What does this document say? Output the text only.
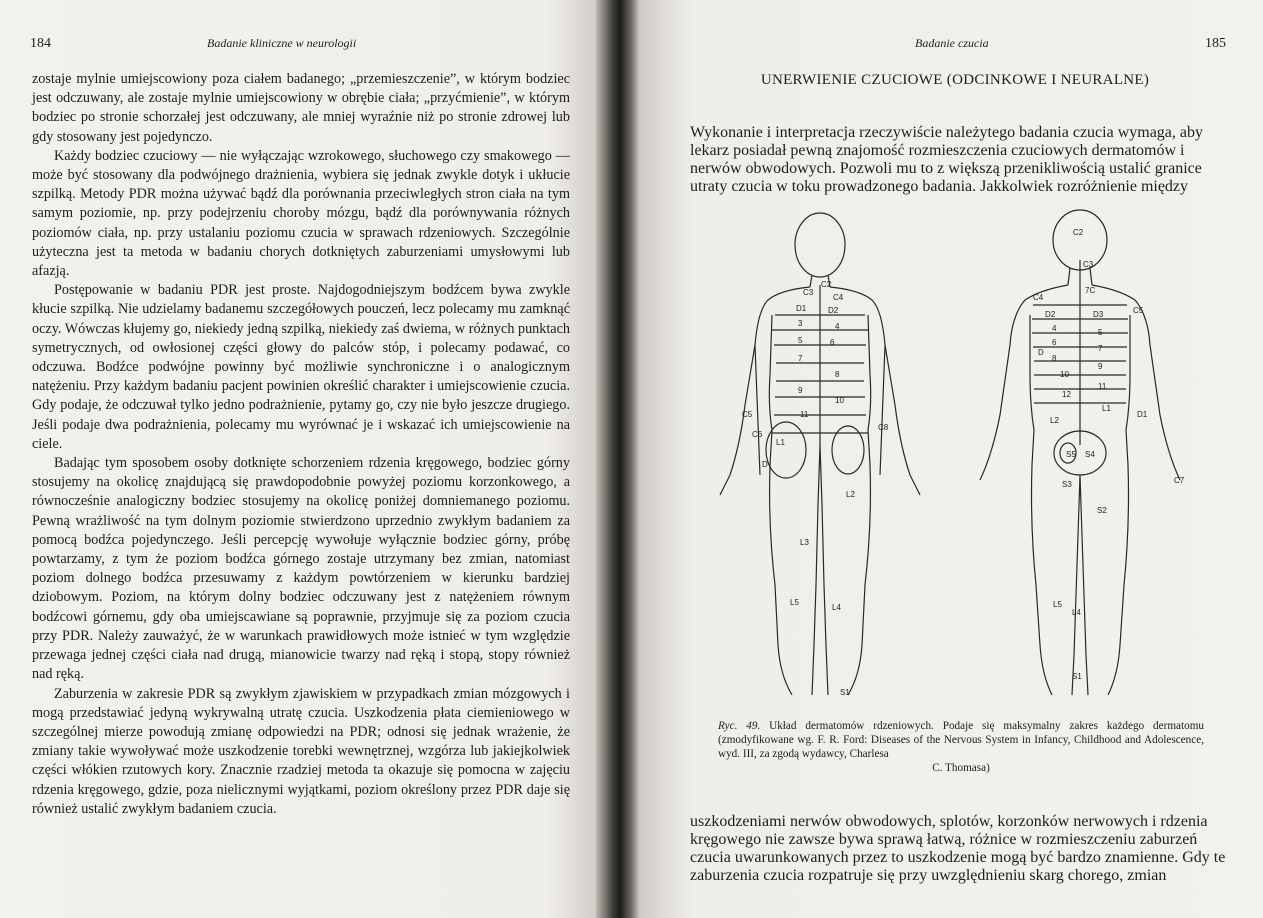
184	Badanie kliniczne w neurologii

zostaje mylnie umiejscowiony poza ciałem badanego; „przemieszczenie”, w którym bodziec jest odczuwany, ale zostaje mylnie umiejscowiony w obrębie ciała; „przyćmienie”, w którym bodziec po stronie schorzałej jest odczuwany, ale mniej wyraźnie niż po stronie zdrowej lub gdy stosowany jest pojedynczo.

Każdy bodziec czuciowy — nie wyłączając wzrokowego, słuchowego czy smakowego — może być stosowany dla podwójnego drażnienia, wybiera się jednak zwykle dotyk i ukłucie szpilką. Metody PDR można używać bądź dla porównania przeciwległych stron ciała na tym samym poziomie, np. przy podejrzeniu choroby mózgu, bądź dla porównywania różnych poziomów ciała, np. przy ustalaniu poziomu czucia w sprawach rdzeniowych. Szczególnie użyteczna jest ta metoda w badaniu chorych dotkniętych zaburzeniami umysłowymi lub afazją.

Postępowanie w badaniu PDR jest proste. Najdogodniejszym bodźcem bywa zwykle kłucie szpilką. Nie udzielamy badanemu szczegółowych pouczeń, lecz polecamy mu zamknąć oczy. Wówczas kłujemy go, niekiedy jedną szpilką, niekiedy zaś dwiema, w różnych punktach symetrycznych, od owłosionej części głowy do palców stóp, i polecamy podawać, co odczuwa. Bodźce podwójne powinny być możliwie synchroniczne i o analogicznym natężeniu. Przy każdym badaniu pacjent powinien określić charakter i umiejscowienie czucia. Gdy podaje, że odczuwał tylko jedno podrażnienie, pytamy go, czy nie było jeszcze drugiego. Jeśli podaje dwa podrażnienia, polecamy mu wyrównać je i wskazać ich umiejscowienie na ciele.

Badając tym sposobem osoby dotknięte schorzeniem rdzenia kręgowego, bodziec górny stosujemy na okolicę znajdującą się prawdopodobnie powyżej poziomu korzonkowego, a równocześnie analogiczny bodziec stosujemy na okolicę poniżej domniemanego poziomu. Pewną wrażliwość na tym dolnym poziomie stwierdzono uprzednio zwykłym badaniem za pomocą bodźca pojedynczego. Jeśli percepcję wywołuje wyłącznie bodziec górny, próbę powtarzamy, z tym że poziom bodźca górnego zostaje utrzymany bez zmian, natomiast poziom dolnego bodźca przesuwamy z każdym powtórzeniem w kierunku bardziej dziobowym. Poziom, na którym dolny bodziec odczuwany jest z natężeniem równym bodźcowi górnemu, gdy oba umiejscawiane są poprawnie, przyjmuje się za poziom czucia przy PDR. Należy zauważyć, że w warunkach prawidłowych może istnieć w tym względzie przewaga jednej części ciała nad drugą, mianowicie twarzy nad ręką i stopą, stopy również nad ręką.

Zaburzenia w zakresie PDR są zwykłym zjawiskiem w przypadkach zmian mózgowych i mogą przedstawiać jedyną wykrywalną utratę czucia. Uszkodzenia płata ciemieniowego w szczególnej mierze powodują zmianę odpowiedzi na PDR; odnosi się jednak wrażenie, że zmiany takie wywoływać może uszkodzenie torebki wewnętrznej, wzgórza lub jakiejkolwiek części włókien rzutowych kory. Znacznie rzadziej metoda ta okazuje się pomocna w zajęciu rdzenia kręgowego, gdzie, poza nielicznymi wyjątkami, poziom określony przez PDR daje się również ustalić zwykłym badaniem czucia.

Badanie czucia	185
UNERWIENIE CZUCIOWE (ODCINKOWE I NEURALNE)

Wykonanie i interpretacja rzeczywiście należytego badania czucia wymaga, aby lekarz posiadał pewną znajomość rozmieszczenia czuciowych dermatomów i nerwów obwodowych. Pozwoli mu to z większą przenikliwością ustalić granice utraty czucia w toku prowadzonego badania. Jakkolwiek rozróżnienie między

C3
C2
C4
D1	D2
3	4
5	6
7
8
9
10
11
C5
C6
C8
D
L1
L2
L3
L4
L5
S1
C2
C3
C4
C5
7C
D2	D3
4	5
6
7
8
9
10
11
12
L1
L2
D
D1
C7
S5 S4
S3
S2
L5
L4
S1
Ryc. 49. Układ dermatomów rdzeniowych. Podaje się maksymalny zakres każdego dermatomu (zmodyfikowane wg. F. R. Ford: Diseases of the Nervous System in Infancy, Childhood and Adolescence, wyd. III, za zgodą wydawcy, Charlesa
C. Thomasa)

uszkodzeniami nerwów obwodowych, splotów, korzonków nerwowych i rdzenia kręgowego nie zawsze bywa sprawą łatwą, różnice w rozmieszczeniu zaburzeń czucia uwarunkowanych przez to uszkodzenie mogą być bardzo znamienne. Gdy te zaburzenia czucia rozpatruje się przy uwzględnieniu skarg chorego, zmian
